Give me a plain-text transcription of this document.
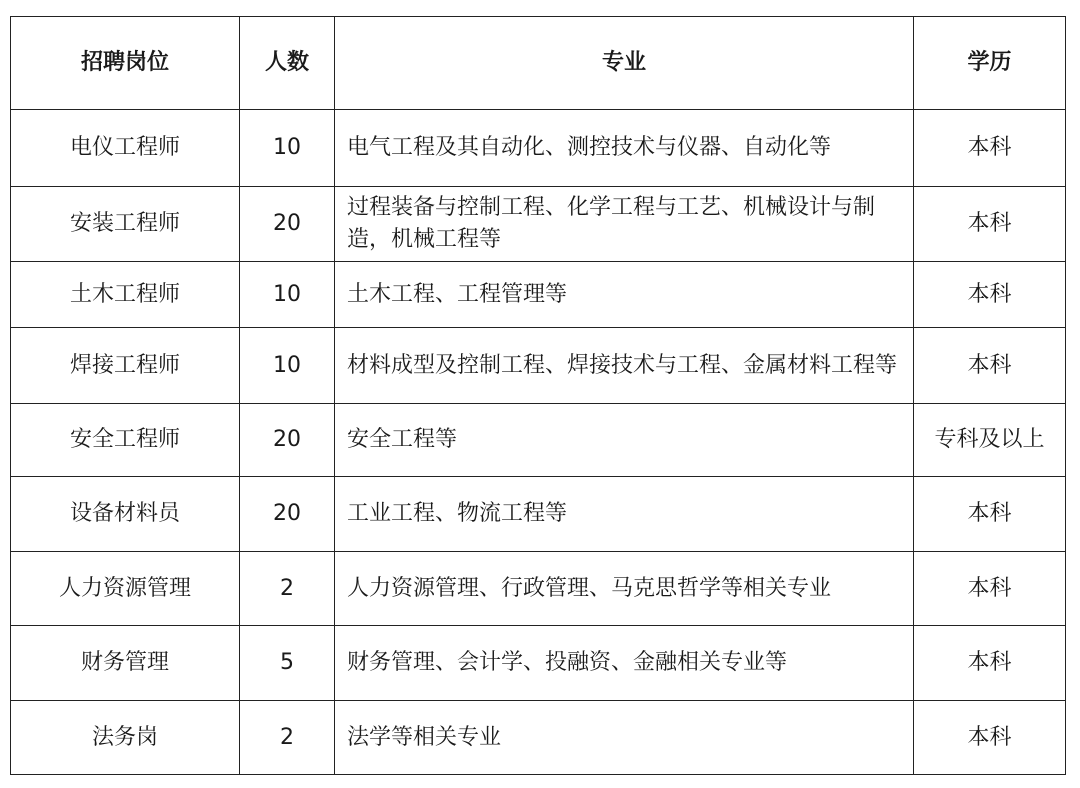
招聘岗位	人数	专业	学历
电仪工程师	10	电气工程及其自动化、测控技术与仪器、自动化等	本科
安装工程师	20	过程装备与控制工程、化学工程与工艺、机械设计与制造，机械工程等	本科
土木工程师	10	土木工程、工程管理等	本科
焊接工程师	10	材料成型及控制工程、焊接技术与工程、金属材料工程等	本科
安全工程师	20	安全工程等	专科及以上
设备材料员	20	工业工程、物流工程等	本科
人力资源管理	2	人力资源管理、行政管理、马克思哲学等相关专业	本科
财务管理	5	财务管理、会计学、投融资、金融相关专业等	本科
法务岗	2	法学等相关专业	本科
